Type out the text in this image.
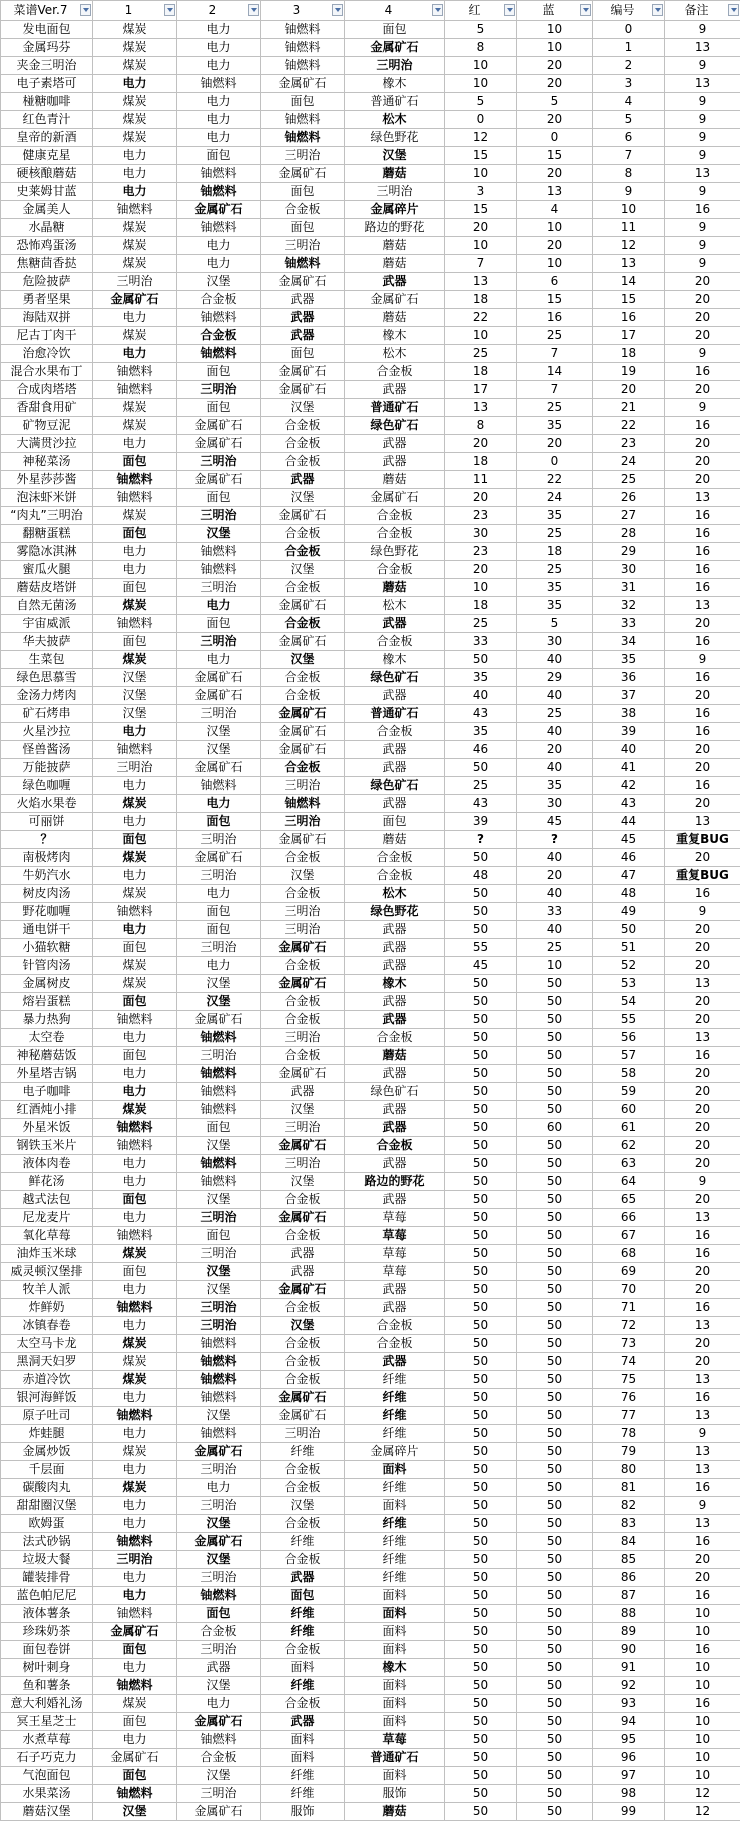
菜谱Ver.7	1	2	3	4	红	蓝	编号	备注

发电面包	煤炭	电力	铀燃料	面包	5	10	0	9
金属玛芬	煤炭	电力	铀燃料	金属矿石	8	10	1	13
夹金三明治	煤炭	电力	铀燃料	三明治	10	20	2	9
电子素塔可	电力	铀燃料	金属矿石	橡木	10	20	3	13
椪糖咖啡	煤炭	电力	面包	普通矿石	5	5	4	9
红色青汁	煤炭	电力	铀燃料	松木	0	20	5	9
皇帝的新酒	煤炭	电力	铀燃料	绿色野花	12	0	6	9
健康克星	电力	面包	三明治	汉堡	15	15	7	9
硬核酿蘑菇	电力	铀燃料	金属矿石	蘑菇	10	20	8	13
史莱姆甘蓝	电力	铀燃料	面包	三明治	3	13	9	9
金属美人	铀燃料	金属矿石	合金板	金属碎片	15	4	10	16
水晶糖	煤炭	铀燃料	面包	路边的野花	20	10	11	9
恐怖鸡蛋汤	煤炭	电力	三明治	蘑菇	10	20	12	9
焦糖茴香挞	煤炭	电力	铀燃料	蘑菇	7	10	13	9
危险披萨	三明治	汉堡	金属矿石	武器	13	6	14	20
勇者坚果	金属矿石	合金板	武器	金属矿石	18	15	15	20
海陆双拼	电力	铀燃料	武器	蘑菇	22	16	16	20
尼古丁肉干	煤炭	合金板	武器	橡木	10	25	17	20
治愈冷饮	电力	铀燃料	面包	松木	25	7	18	9
混合水果布丁	铀燃料	面包	金属矿石	合金板	18	14	19	16
合成肉塔塔	铀燃料	三明治	金属矿石	武器	17	7	20	20
香甜食用矿	煤炭	面包	汉堡	普通矿石	13	25	21	9
矿物豆泥	煤炭	金属矿石	合金板	绿色矿石	8	35	22	16
大满贯沙拉	电力	金属矿石	合金板	武器	20	20	23	20
神秘菜汤	面包	三明治	合金板	武器	18	0	24	20
外星莎莎酱	铀燃料	金属矿石	武器	蘑菇	11	22	25	20
泡沫虾米饼	铀燃料	面包	汉堡	金属矿石	20	24	26	13
“肉丸”三明治	煤炭	三明治	金属矿石	合金板	23	35	27	16
翻糖蛋糕	面包	汉堡	合金板	合金板	30	25	28	16
雾隐冰淇淋	电力	铀燃料	合金板	绿色野花	23	18	29	16
蜜瓜火腿	电力	铀燃料	汉堡	合金板	20	25	30	16
蘑菇皮塔饼	面包	三明治	合金板	蘑菇	10	35	31	16
自然无菌汤	煤炭	电力	金属矿石	松木	18	35	32	13
宇宙威派	铀燃料	面包	合金板	武器	25	5	33	20
华夫披萨	面包	三明治	金属矿石	合金板	33	30	34	16
生菜包	煤炭	电力	汉堡	橡木	50	40	35	9
绿色思慕雪	汉堡	金属矿石	合金板	绿色矿石	35	29	36	16
金汤力烤肉	汉堡	金属矿石	合金板	武器	40	40	37	20
矿石烤串	汉堡	三明治	金属矿石	普通矿石	43	25	38	16
火星沙拉	电力	汉堡	金属矿石	合金板	35	40	39	16
怪兽酱汤	铀燃料	汉堡	金属矿石	武器	46	20	40	20
万能披萨	三明治	金属矿石	合金板	武器	50	40	41	20
绿色咖喱	电力	铀燃料	三明治	绿色矿石	25	35	42	16
火焰水果卷	煤炭	电力	铀燃料	武器	43	30	43	20
可丽饼	电力	面包	三明治	面包	39	45	44	13
？	面包	三明治	金属矿石	蘑菇	?	?	45	重复BUG
南极烤肉	煤炭	金属矿石	合金板	合金板	50	40	46	20
牛奶汽水	电力	三明治	汉堡	合金板	48	20	47	重复BUG
树皮肉汤	煤炭	电力	合金板	松木	50	40	48	16
野花咖喱	铀燃料	面包	三明治	绿色野花	50	33	49	9
通电饼干	电力	面包	三明治	武器	50	40	50	20
小猫软糖	面包	三明治	金属矿石	武器	55	25	51	20
针管肉汤	煤炭	电力	合金板	武器	45	10	52	20
金属树皮	煤炭	汉堡	金属矿石	橡木	50	50	53	13
熔岩蛋糕	面包	汉堡	合金板	武器	50	50	54	20
暴力热狗	铀燃料	金属矿石	合金板	武器	50	50	55	20
太空卷	电力	铀燃料	三明治	合金板	50	50	56	13
神秘蘑菇饭	面包	三明治	合金板	蘑菇	50	50	57	16
外星塔吉锅	电力	铀燃料	金属矿石	武器	50	50	58	20
电子咖啡	电力	铀燃料	武器	绿色矿石	50	50	59	20
红酒炖小排	煤炭	铀燃料	汉堡	武器	50	50	60	20
外星米饭	铀燃料	面包	三明治	武器	50	60	61	20
钢铁玉米片	铀燃料	汉堡	金属矿石	合金板	50	50	62	20
液体肉卷	电力	铀燃料	三明治	武器	50	50	63	20
鲜花汤	电力	铀燃料	汉堡	路边的野花	50	50	64	9
越式法包	面包	汉堡	合金板	武器	50	50	65	20
尼龙麦片	电力	三明治	金属矿石	草莓	50	50	66	13
氧化草莓	铀燃料	面包	合金板	草莓	50	50	67	16
油炸玉米球	煤炭	三明治	武器	草莓	50	50	68	16
威灵顿汉堡排	面包	汉堡	武器	草莓	50	50	69	20
牧羊人派	电力	汉堡	金属矿石	武器	50	50	70	20
炸鲜奶	铀燃料	三明治	合金板	武器	50	50	71	16
冰镇春卷	电力	三明治	汉堡	合金板	50	50	72	13
太空马卡龙	煤炭	铀燃料	合金板	合金板	50	50	73	20
黑洞天妇罗	煤炭	铀燃料	合金板	武器	50	50	74	20
赤道冷饮	煤炭	铀燃料	合金板	纤维	50	50	75	13
银河海鲜饭	电力	铀燃料	金属矿石	纤维	50	50	76	16
原子吐司	铀燃料	汉堡	金属矿石	纤维	50	50	77	13
炸蛙腿	电力	铀燃料	三明治	纤维	50	50	78	9
金属炒饭	煤炭	金属矿石	纤维	金属碎片	50	50	79	13
千层面	电力	三明治	合金板	面料	50	50	80	13
碳酸肉丸	煤炭	电力	合金板	纤维	50	50	81	16
甜甜圈汉堡	电力	三明治	汉堡	面料	50	50	82	9
欧姆蛋	电力	汉堡	合金板	纤维	50	50	83	13
法式砂锅	铀燃料	金属矿石	纤维	纤维	50	50	84	16
垃圾大餐	三明治	汉堡	合金板	纤维	50	50	85	20
罐装排骨	电力	三明治	武器	纤维	50	50	86	20
蓝色帕尼尼	电力	铀燃料	面包	面料	50	50	87	16
液体薯条	铀燃料	面包	纤维	面料	50	50	88	10
珍珠奶茶	金属矿石	合金板	纤维	面料	50	50	89	10
面包卷饼	面包	三明治	合金板	面料	50	50	90	16
树叶刺身	电力	武器	面料	橡木	50	50	91	10
鱼和薯条	铀燃料	汉堡	纤维	面料	50	50	92	10
意大利婚礼汤	煤炭	电力	合金板	面料	50	50	93	16
冥王星芝士	面包	金属矿石	武器	面料	50	50	94	10
水煮草莓	电力	铀燃料	面料	草莓	50	50	95	10
石子巧克力	金属矿石	合金板	面料	普通矿石	50	50	96	10
气泡面包	面包	汉堡	纤维	面料	50	50	97	10
水果菜汤	铀燃料	三明治	纤维	服饰	50	50	98	12
蘑菇汉堡	汉堡	金属矿石	服饰	蘑菇	50	50	99	12
